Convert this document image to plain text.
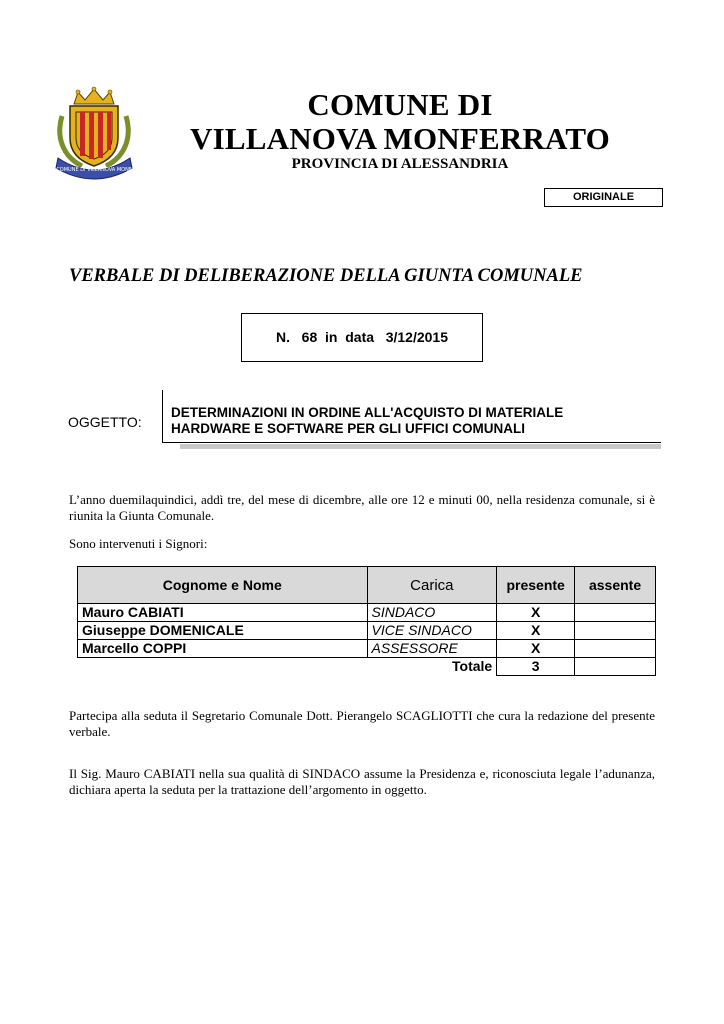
COMUNE DI VILLANOVA MONF
COMUNE DI
VILLANOVA MONFERRATO
PROVINCIA DI ALESSANDRIA
ORIGINALE
VERBALE DI DELIBERAZIONE DELLA GIUNTA COMUNALE
N.   68  in  data   3/12/2015
OGGETTO:
DETERMINAZIONI IN ORDINE ALL'ACQUISTO DI MATERIALE HARDWARE E SOFTWARE PER GLI UFFICI COMUNALI
L’anno duemilaquindici, addì tre, del mese di dicembre, alle ore 12 e minuti 00, nella residenza comunale, si è riunita la Giunta Comunale.
Sono intervenuti i Signori:
Cognome e Nome	Carica	presente	assente
Mauro CABIATI	SINDACO	X	
Giuseppe DOMENICALE	VICE SINDACO	X	
Marcello COPPI	ASSESSORE	X	
	Totale	3	
Partecipa alla seduta il Segretario Comunale Dott. Pierangelo SCAGLIOTTI che cura la redazione del presente verbale.
Il Sig. Mauro CABIATI nella sua qualità di SINDACO assume la Presidenza e, riconosciuta legale l’adunanza, dichiara aperta la seduta per la trattazione dell’argomento in oggetto.
